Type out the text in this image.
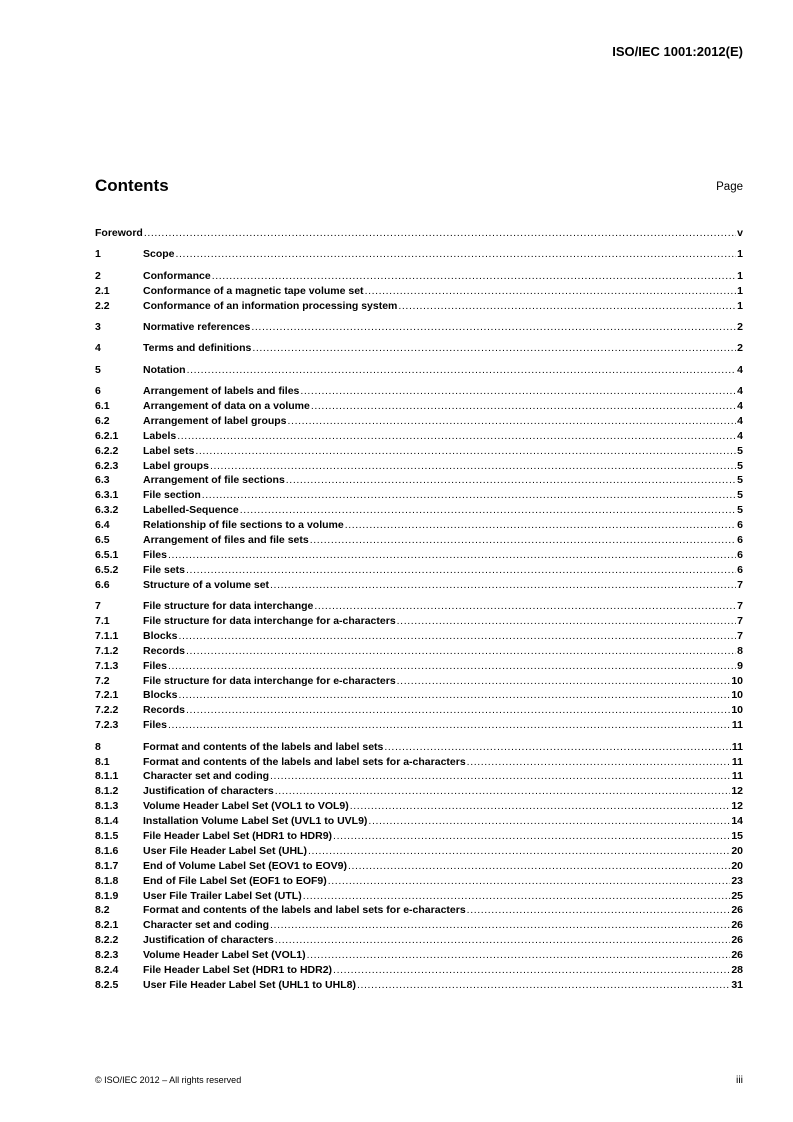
ISO/IEC 1001:2012(E)
Contents	Page
Foreword .....	v
1	Scope .....	1
2	Conformance .....	1
2.1	Conformance of a magnetic tape volume set .....	1
2.2	Conformance of an information processing system .....	1
3	Normative references .....	2
4	Terms and definitions .....	2
5	Notation .....	4
6	Arrangement of labels and files .....	4
6.1	Arrangement of data on a volume .....	4
6.2	Arrangement of label groups .....	4
6.2.1	Labels .....	4
6.2.2	Label sets .....	5
6.2.3	Label groups .....	5
6.3	Arrangement of file sections .....	5
6.3.1	File section .....	5
6.3.2	Labelled-Sequence .....	5
6.4	Relationship of file sections to a volume .....	6
6.5	Arrangement of files and file sets .....	6
6.5.1	Files .....	6
6.5.2	File sets .....	6
6.6	Structure of a volume set .....	7
7	File structure for data interchange .....	7
7.1	File structure for data interchange for a-characters .....	7
7.1.1	Blocks .....	7
7.1.2	Records .....	8
7.1.3	Files .....	9
7.2	File structure for data interchange for e-characters .....	10
7.2.1	Blocks .....	10
7.2.2	Records .....	10
7.2.3	Files .....	11
8	Format and contents of the labels and label sets .....	11
8.1	Format and contents of the labels and label sets for a-characters .....	11
8.1.1	Character set and coding .....	11
8.1.2	Justification of characters .....	12
8.1.3	Volume Header Label Set (VOL1 to VOL9) .....	12
8.1.4	Installation Volume Label Set (UVL1 to UVL9) .....	14
8.1.5	File Header Label Set (HDR1 to HDR9) .....	15
8.1.6	User File Header Label Set (UHL) .....	20
8.1.7	End of Volume Label Set (EOV1 to EOV9) .....	20
8.1.8	End of File Label Set (EOF1 to EOF9) .....	23
8.1.9	User File Trailer Label Set (UTL) .....	25
8.2	Format and contents of the labels and label sets for e-characters .....	26
8.2.1	Character set and coding .....	26
8.2.2	Justification of characters .....	26
8.2.3	Volume Header Label Set (VOL1) .....	26
8.2.4	File Header Label Set (HDR1 to HDR2) .....	28
8.2.5	User File Header Label Set (UHL1 to UHL8) .....	31
© ISO/IEC 2012 – All rights reserved	iii
